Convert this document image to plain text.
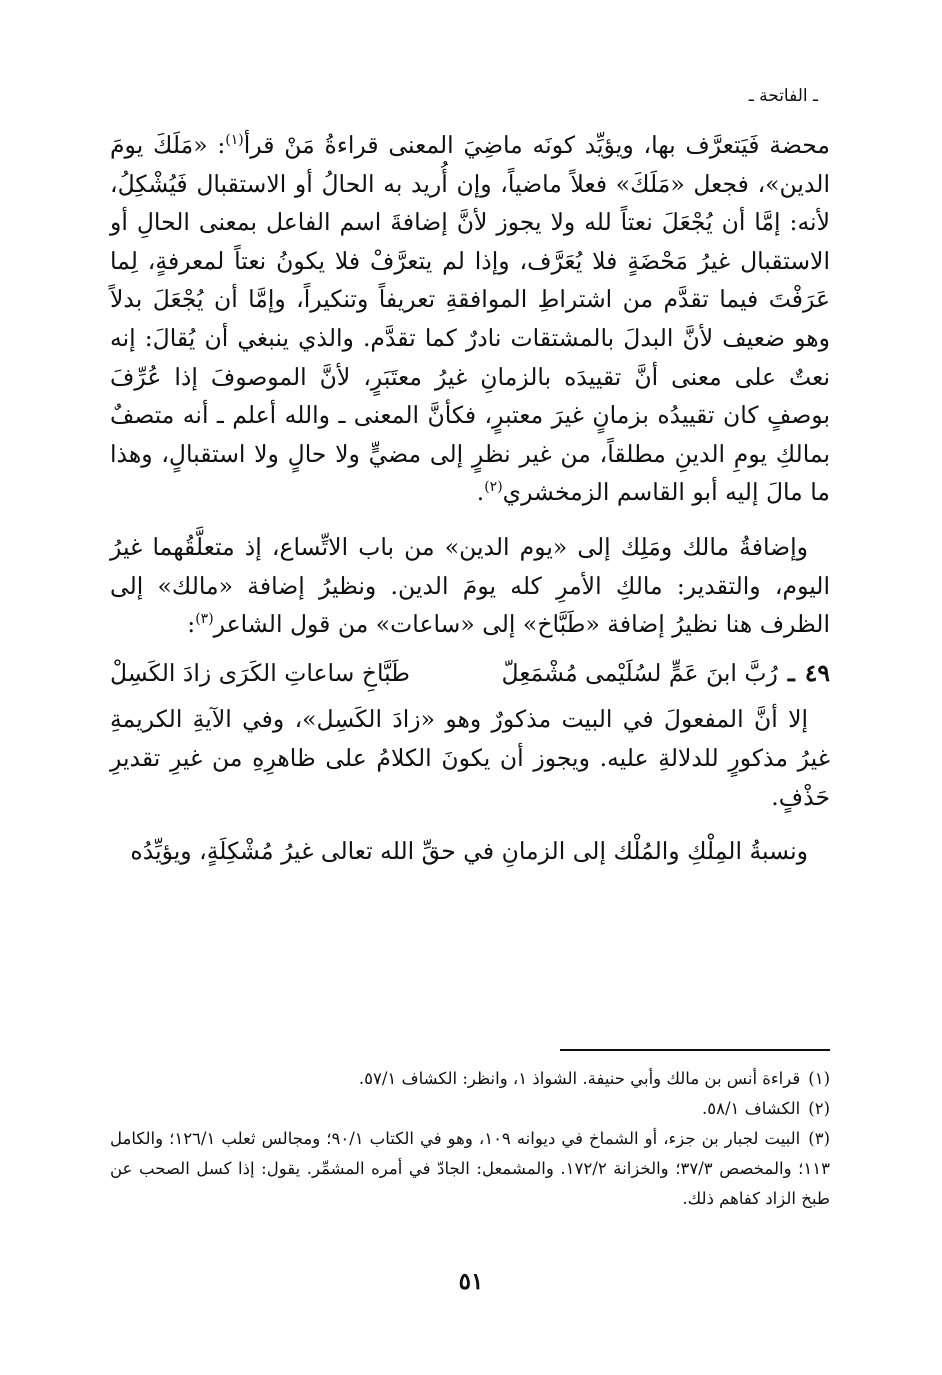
ـ الفاتحة ـ

محضة فَيَتعرَّف بها، ويؤيِّد كونَه ماضِيَ المعنى قراءةُ مَنْ قرأ$^{(١)}$: «مَلَكَ يومَ الدين»، فجعل «مَلَكَ» فعلاً ماضياً، وإن أُريد به الحالُ أو الاستقبال فَيُشْكِلُ، لأنه: إمَّا أن يُجْعَلَ نعتاً لله ولا يجوز لأنَّ إضافةَ اسم الفاعل بمعنى الحالِ أو الاستقبال غيرُ مَحْضَةٍ فلا يُعَرَّف، وإذا لم يتعرَّفْ فلا يكونُ نعتاً لمعرفةٍ، لِما عَرَفْتَ فيما تقدَّم من اشتراطِ الموافقةِ تعريفاً وتنكيراً، وإمَّا أن يُجْعَلَ بدلاً وهو ضعيف لأنَّ البدلَ بالمشتقات نادرٌ كما تقدَّم. والذي ينبغي أن يُقالَ: إنه نعتٌ على معنى أنَّ تقييدَه بالزمانِ غيرُ معتَبَرٍ، لأنَّ الموصوفَ إذا عُرِّفَ بوصفٍ كان تقييدُه بزمانٍ غيرَ معتبرٍ، فكأنَّ المعنى ـ والله أعلم ـ أنه متصفٌ بمالكِ يومِ الدينِ مطلقاً، من غير نظرٍ إلى مضيٍّ ولا حالٍ ولا استقبالٍ، وهذا ما مالَ إليه أبو القاسم الزمخشري$^{(٢)}$.

وإضافةُ مالك ومَلِك إلى «يوم الدين» من باب الاتِّساع، إذ متعلَّقُهما غيرُ اليوم، والتقدير: مالكِ الأمرِ كله يومَ الدين. ونظيرُ إضافة «مالك» إلى الظرف هنا نظيرُ إضافة «طَبَّاخ» إلى «ساعات» من قول الشاعر$^{(٣)}$:

٤٩
ـ
رُبَّ ابنَ عَمٍّ لسُلَيْمى مُشْمَعِلّ
طَبَّاخِ ساعاتِ الكَرَى زادَ الكَسِلْ

إلا أنَّ المفعولَ في البيت مذكورٌ وهو «زادَ الكَسِل»، وفي الآيةِ الكريمةِ غيرُ مذكورٍ للدلالةِ عليه. ويجوز أن يكونَ الكلامُ على ظاهرِهِ من غيرِ تقديرِ حَذْفٍ.

ونسبةُ المِلْكِ والمُلْك إلى الزمانِ في حقِّ الله تعالى غيرُ مُشْكِلَةٍ، ويؤيِّدُه

(١)قراءة أنس بن مالك وأبي حنيفة. الشواذ ١، وانظر: الكشاف ٥٧/١.

(٢)الكشاف ٥٨/١.

(٣)البيت لجبار بن جزء، أو الشماخ في ديوانه ١٠٩، وهو في الكتاب ٩٠/١؛ ومجالس ثعلب ١٢٦/١؛ والكامل ١١٣؛ والمخصص ٣٧/٣؛ والخزانة ١٧٢/٢. والمشمعل: الجادّ في أمره المشمِّر. يقول: إذا كسل الصحب عن طبخ الزاد كفاهم ذلك.

٥١
